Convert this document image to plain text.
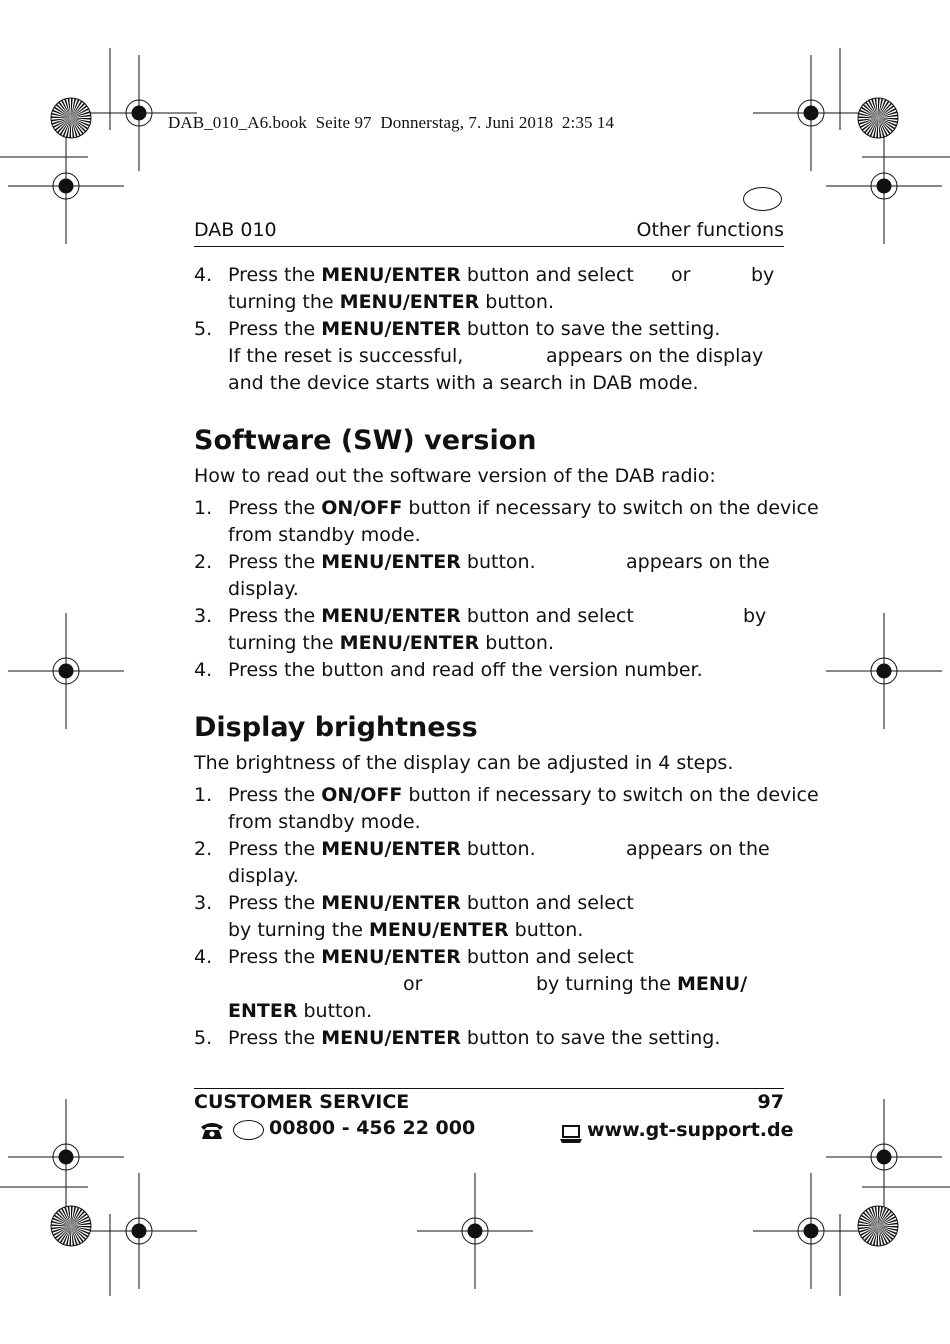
DAB_010_A6.book  Seite 97  Donnerstag, 7. Juni 2018  2:35 14
DAB 010	Other functions
4. Press the MENU/ENTER button and select or	by
turning the MENU/ENTER button.
5. Press the MENU/ENTER button to save the setting.
If the reset is successful,	appears on the display
and the device starts with a search in DAB mode.
Software (SW) version
How to read out the software version of the DAB radio:
1. Press the ON/OFF button if necessary to switch on the device
from standby mode.
2. Press the MENU/ENTER button.	appears on the
display.
3. Press the MENU/ENTER button and select	by
turning the MENU/ENTER button.
4. Press the button and read off the version number.
Display brightness
The brightness of the display can be adjusted in 4 steps.
1. Press the ON/OFF button if necessary to switch on the device
from standby mode.
2. Press the MENU/ENTER button.	appears on the
display.
3. Press the MENU/ENTER button and select
by turning the MENU/ENTER button.
4. Press the MENU/ENTER button and select
or	by turning the MENU/
ENTER button.
5. Press the MENU/ENTER button to save the setting.
CUSTOMER SERVICE	97
00800 - 456 22 000	www.gt-support.de
